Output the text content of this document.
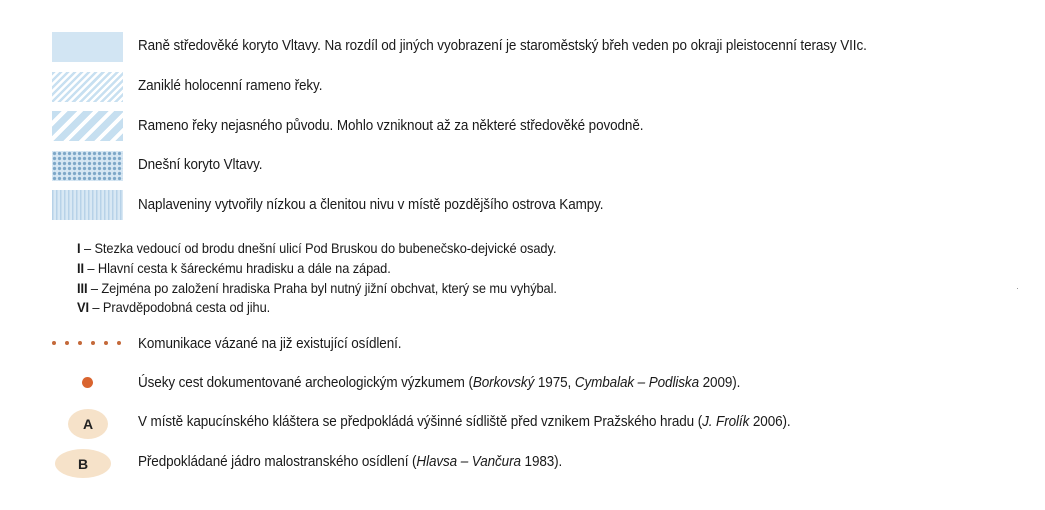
Raně středověké koryto Vltavy. Na rozdíl od jiných vyobrazení je staroměstský břeh veden po okraji pleistocenní terasy VIIc.
Zaniklé holocenní rameno řeky.
Rameno řeky nejasného původu. Mohlo vzniknout až za některé středověké povodně.
Dnešní koryto Vltavy.
Naplaveniny vytvořily nízkou a členitou nivu v místě pozdějšího ostrova Kampy.
I – Stezka vedoucí od brodu dnešní ulicí Pod Bruskou do bubenečsko-dejvické osady.
II – Hlavní cesta k šáreckému hradisku a dále na západ.
III – Zejména po založení hradiska Praha byl nutný jižní obchvat, který se mu vyhýbal.
VI – Pravděpodobná cesta od jihu.
Komunikace vázané na již existující osídlení.
Úseky cest dokumentované archeologickým výzkumem (Borkovský 1975, Cymbalak – Podliska 2009).
A	V místě kapucínského kláštera se předpokládá výšinné sídliště před vznikem Pražského hradu (J. Frolík 2006).
B	Předpokládané jádro malostranského osídlení (Hlavsa – Vančura 1983).
